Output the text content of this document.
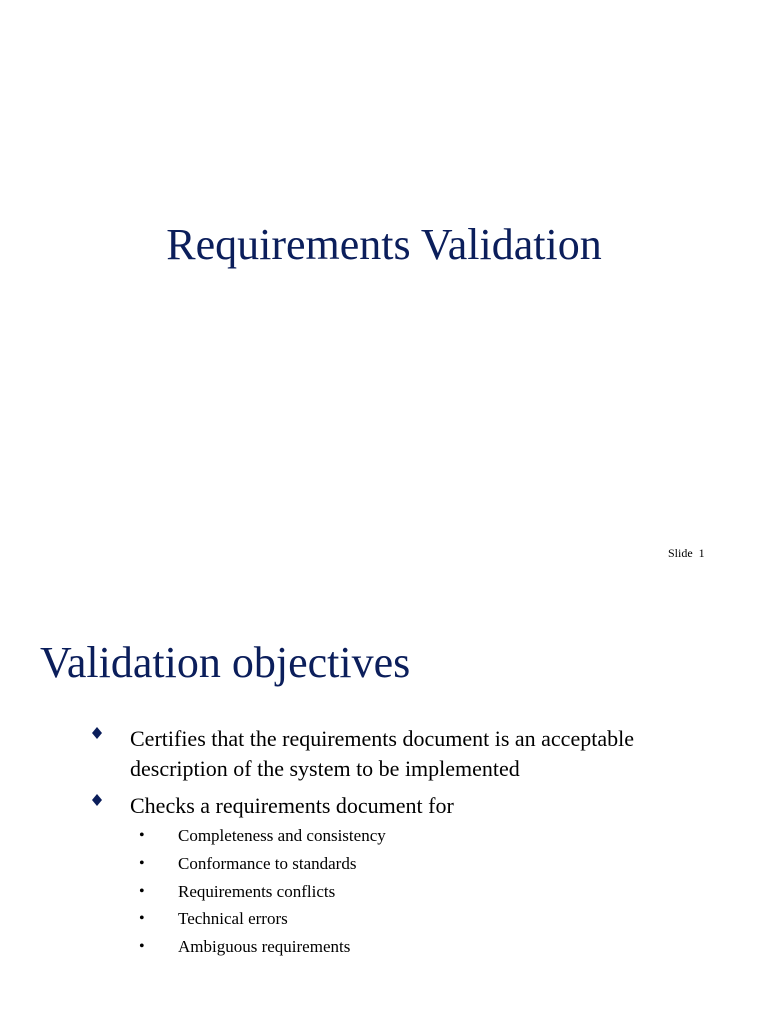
Requirements Validation
Slide 1
Validation objectives
Certifies that the requirements document is an acceptable description of the system to be implemented
Checks a requirements document for
• Completeness and consistency
• Conformance to standards
• Requirements conflicts
• Technical errors
• Ambiguous requirements
